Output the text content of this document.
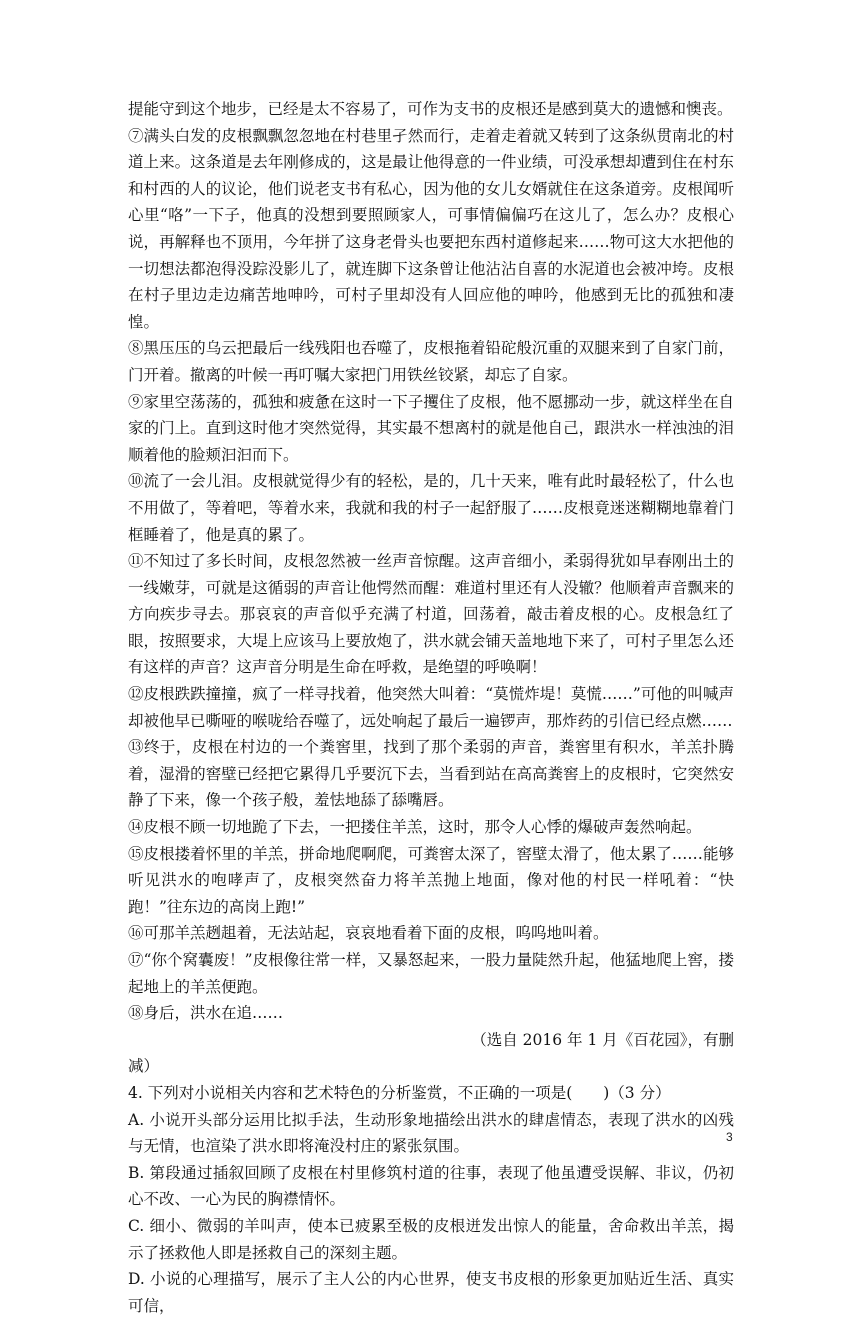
提能守到这个地步，已经是太不容易了，可作为支书的皮根还是感到莫大的遗憾和懊丧。

⑦满头白发的皮根飘飘忽忽地在村巷里孑然而行，走着走着就又转到了这条纵贯南北的村道上来。这条道是去年刚修成的，这是最让他得意的一件业绩，可没承想却遭到住在村东和村西的人的议论，他们说老支书有私心，因为他的女儿女婿就住在这条道旁。皮根闻听心里“咯”一下子，他真的没想到要照顾家人，可事情偏偏巧在这儿了，怎么办？皮根心说，再解释也不顶用，今年拼了这身老骨头也要把东西村道修起来……物可这大水把他的一切想法都泡得没踪没影儿了，就连脚下这条曾让他沾沾自喜的水泥道也会被冲垮。皮根在村子里边走边痛苦地呻吟，可村子里却没有人回应他的呻吟，他感到无比的孤独和凄惶。

⑧黑压压的乌云把最后一线残阳也吞噬了，皮根拖着铅砣般沉重的双腿来到了自家门前，门开着。撤离的叶候一再叮嘱大家把门用铁丝铰紧，却忘了自家。

⑨家里空荡荡的，孤独和疲惫在这时一下子攫住了皮根，他不愿挪动一步，就这样坐在自家的门上。直到这时他才突然觉得，其实最不想离村的就是他自己，跟洪水一样浊浊的泪顺着他的脸颊汩汩而下。

⑩流了一会儿泪。皮根就觉得少有的轻松，是的，几十天来，唯有此时最轻松了，什么也不用做了，等着吧，等着水来，我就和我的村子一起舒服了……皮根竟迷迷糊糊地靠着门框睡着了，他是真的累了。

⑪不知过了多长时间，皮根忽然被一丝声音惊醒。这声音细小，柔弱得犹如早春刚出土的一线嫩芽，可就是这循弱的声音让他愕然而醒：难道村里还有人没辙？他顺着声音飘来的方向疾步寻去。那哀哀的声音似乎充满了村道，回荡着，敲击着皮根的心。皮根急红了眼，按照要求，大堤上应该马上要放炮了，洪水就会铺天盖地地下来了，可村子里怎么还有这样的声音？这声音分明是生命在呼救，是绝望的呼唤啊！

⑫皮根跌跌撞撞，疯了一样寻找着，他突然大叫着：“莫慌炸堤！莫慌……”可他的叫喊声却被他早已嘶哑的喉咙给吞噬了，远处响起了最后一遍锣声，那炸药的引信已经点燃……

⑬终于，皮根在村边的一个粪窖里，找到了那个柔弱的声音，粪窖里有积水，羊羔扑腾着，湿滑的窖壁已经把它累得几乎要沉下去，当看到站在高高粪窖上的皮根时，它突然安静了下来，像一个孩子般，羞怯地舔了舔嘴唇。

⑭皮根不顾一切地跪了下去，一把搂住羊羔，这时，那令人心悸的爆破声轰然响起。

⑮皮根搂着怀里的羊羔，拼命地爬啊爬，可粪窖太深了，窖壁太滑了，他太累了……能够听见洪水的咆哮声了，皮根突然奋力将羊羔抛上地面，像对他的村民一样吼着：“快跑！”往东边的高岗上跑!”

⑯可那羊羔趔趄着，无法站起，哀哀地看着下面的皮根，呜呜地叫着。

⑰“你个窝囊废！”皮根像往常一样，又暴怒起来，一股力量陡然升起，他猛地爬上窖，搂起地上的羊羔便跑。

⑱身后，洪水在追……

（选自 2016 年 1 月《百花园》，有删

减）

4. 下列对小说相关内容和艺术特色的分析鉴赏，不正确的一项是(　　)（3 分）

A. 小说开头部分运用比拟手法，生动形象地描绘出洪水的肆虐情态，表现了洪水的凶残与无情，也渲染了洪水即将淹没村庄的紧张氛围。

B. 第段通过插叙回顾了皮根在村里修筑村道的往事，表现了他虽遭受误解、非议，仍初心不改、一心为民的胸襟情怀。

C. 细小、微弱的羊叫声，使本已疲累至极的皮根迸发出惊人的能量，舍命救出羊羔，揭示了拯救他人即是拯救自己的深刻主题。

D. 小说的心理描写，展示了主人公的内心世界，使支书皮根的形象更加贴近生活、真实可信，

3
